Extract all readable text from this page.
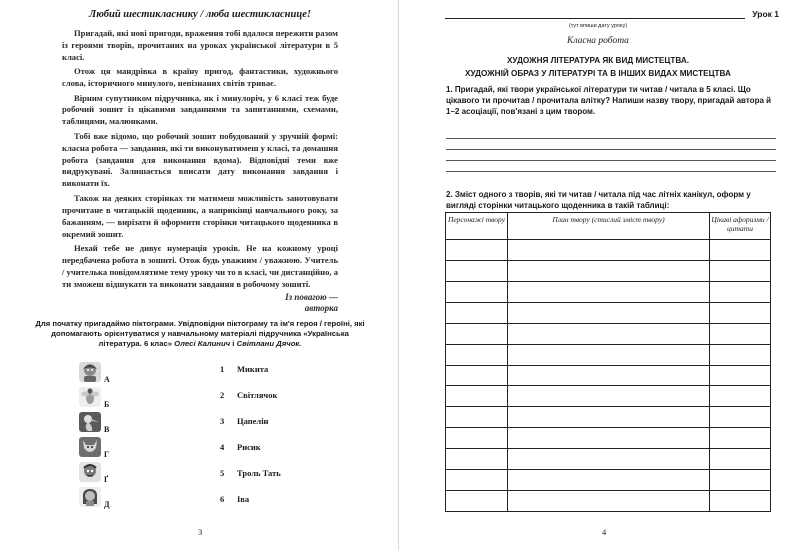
Любий шестикласнику / люба шестикласнице!

Пригадай, які нові пригоди, враження тобі вдалося пережити разом із героями творів, прочитаних на уроках української літератури в 5 класі.

Отож ця мандрівка в країну пригод, фантастики, художнього слова, історичного минулого, непізнаних світів триває.

Вірним супутником підручника, як і минулоріч, у 6 класі теж буде робочий зошит із цікавими завданнями та запитаннями, схемами, таблицями, малюнками.

Тобі вже відомо, що робочий зошит побудований у зручній формі: класна робота — завдання, які ти виконуватимеш у класі, та домашня робота (завдання для виконання вдома). Відповідні теми вже видрукувані. Залишається вписати дату виконання завдання і виконати їх.

Також на деяких сторінках ти матимеш можливість занотовувати прочитане в читацькій щоденник, а наприкінці навчального року, за бажанням, — вирізати й оформити сторінки читацького щоденника в окремий зошит.

Нехай тебе не дивує нумерація уроків. Не на кожному уроці передбачена робота в зошиті. Отож будь уважним / уважною. Учитель / учителька повідомлятиме тему уроку чи то в класі, чи дистанційно, а ти зможеш відшукати та виконати завдання в робочому зошиті.

Із повагою —
авторка
Для початку пригадаймо піктограми. Увідповідни піктограму та ім'я героя / героїні, які допомагають орієнтуватися у навчальному матеріалі підручника «Українська література. 6 клас» Олесі Калинич і Світлани Дячок.
А
Б
В
Г
Ґ
Д
1	Микита
2	Світлячок
3	Цапелін
4	Рисик
5	Троль Тать
6	Іва
3
Урок 1
(тут впиши дату уроку)
Класна робота
ХУДОЖНЯ ЛІТЕРАТУРА ЯК ВИД МИСТЕЦТВА.
ХУДОЖНІЙ ОБРАЗ У ЛІТЕРАТУРІ ТА В ІНШИХ ВИДАХ МИСТЕЦТВА
1. Пригадай, які твори української літератури ти читав / читала в 5 класі. Що цікавого ти прочитав / прочитала влітку? Напиши назву твору, пригадай автора й 1–2 асоціації, пов'язані з цим твором.
2. Зміст одного з творів, які ти читав / читала під час літніх канікул, оформ у вигляді сторінки читацького щоденника в такій таблиці:
Персонажі твору	План твору (стислий зміст твору)	Цікаві афоризми / цитати

4
